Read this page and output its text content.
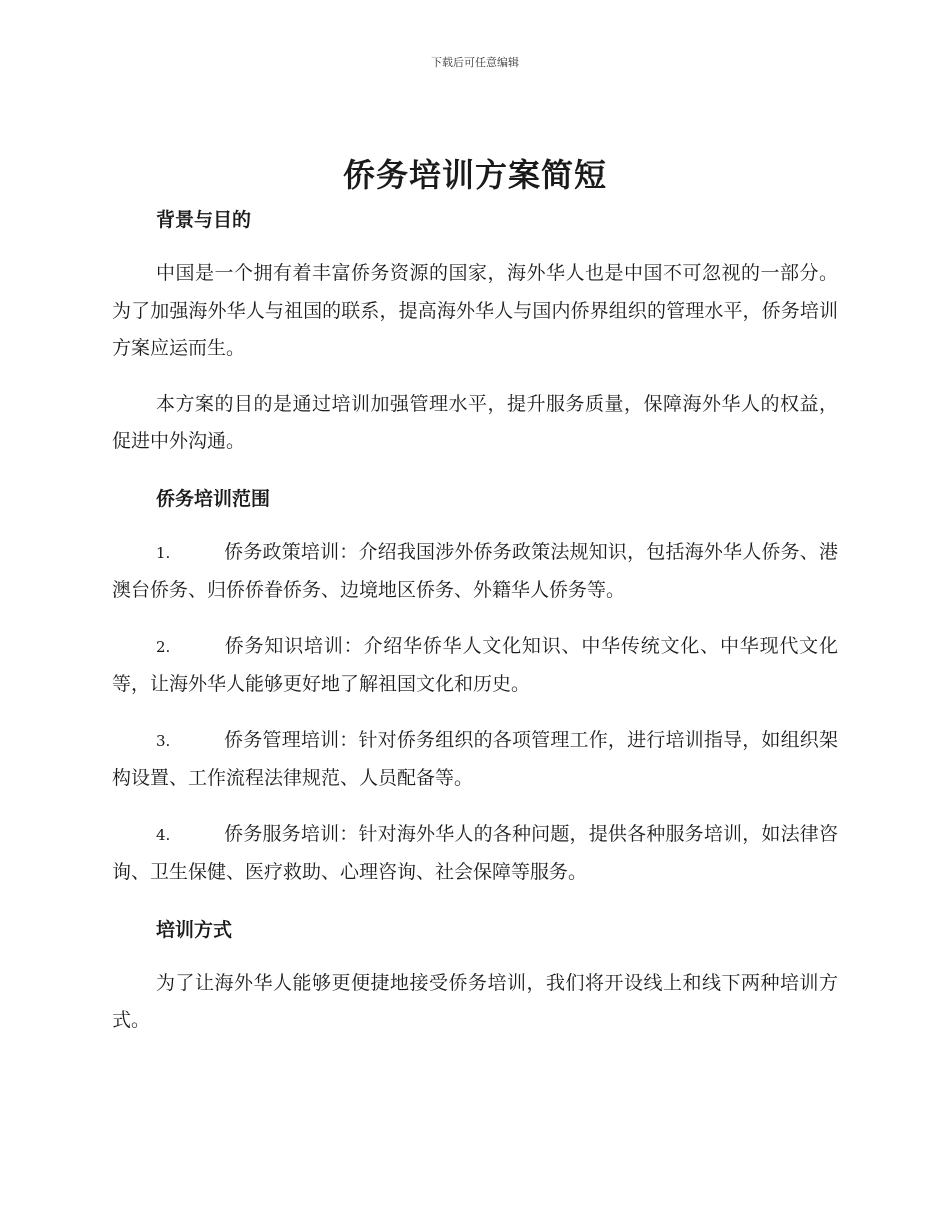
下载后可任意编辑
侨务培训方案简短
背景与目的

中国是一个拥有着丰富侨务资源的国家，海外华人也是中国不可忽视的一部分。为了加强海外华人与祖国的联系，提高海外华人与国内侨界组织的管理水平，侨务培训方案应运而生。

本方案的目的是通过培训加强管理水平，提升服务质量，保障海外华人的权益，促进中外沟通。

侨务培训范围

1.	侨务政策培训：介绍我国涉外侨务政策法规知识，包括海外华人侨务、港澳台侨务、归侨侨眷侨务、边境地区侨务、外籍华人侨务等。

2.	侨务知识培训：介绍华侨华人文化知识、中华传统文化、中华现代文化等，让海外华人能够更好地了解祖国文化和历史。

3.	侨务管理培训：针对侨务组织的各项管理工作，进行培训指导，如组织架构设置、工作流程法律规范、人员配备等。

4.	侨务服务培训：针对海外华人的各种问题，提供各种服务培训，如法律咨询、卫生保健、医疗救助、心理咨询、社会保障等服务。

培训方式

为了让海外华人能够更便捷地接受侨务培训，我们将开设线上和线下两种培训方式。
